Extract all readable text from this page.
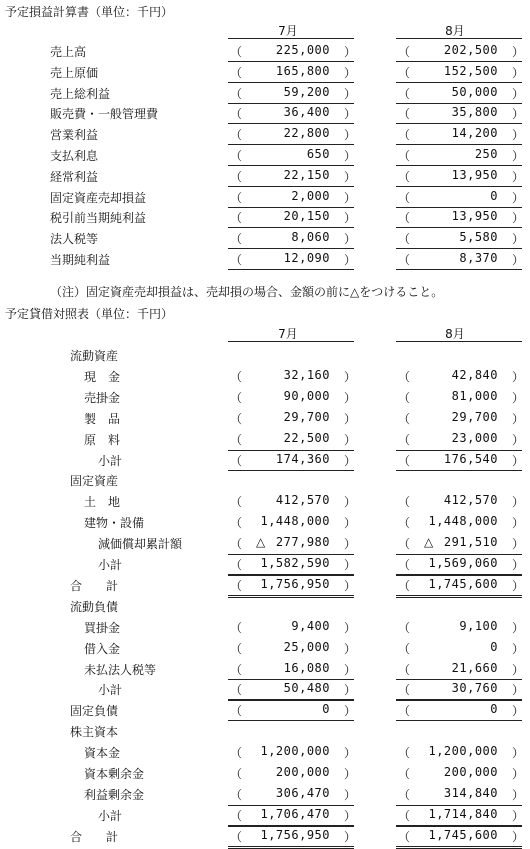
予定損益計算書（単位：千円）
7月	8月
売上高	（	225,000 ）	（	202,500 ）
売上原価	（	165,800 ）	（	152,500 ）
売上総利益	（	59,200 ）	（	50,000 ）
販売費・一般管理費	（	36,400 ）	（	35,800 ）
営業利益	（	22,800 ）	（	14,200 ）
支払利息	（	650 ）	（	250 ）
経常利益	（	22,150 ）	（	13,950 ）
固定資産売却損益	（	2,000 ）	（	0 ）
税引前当期純利益	（	20,150 ）	（	13,950 ）
法人税等	（	8,060 ）	（	5,580 ）
当期純利益	（	12,090 ）	（	8,370 ）
（注）固定資産売却損益は、売却損の場合、金額の前に△をつけること。
予定貸借対照表（単位：千円）
7月	8月
流動資産
現　金	（	32,160 ）	（	42,840 ）
売掛金	（	90,000 ）	（	81,000 ）
製　品	（	29,700 ）	（	29,700 ）
原　料	（	22,500 ）	（	23,000 ）
小計	（	174,360 ）	（	176,540 ）
固定資産
土　地	（	412,570 ）	（	412,570 ）
建物・設備	（ 1,448,000 ）	（ 1,448,000 ）
減価償却累計額	（ △ 277,980 ）	（ △ 291,510 ）
小計	（ 1,582,590 ）	（ 1,569,060 ）
合　　計	（ 1,756,950 ）	（ 1,745,600 ）
流動負債
買掛金	（	9,400 ）	（	9,100 ）
借入金	（	25,000 ）	（	0 ）
未払法人税等	（	16,080 ）	（	21,660 ）
小計	（	50,480 ）	（	30,760 ）
固定負債	（	0 ）	（	0 ）
株主資本
資本金	（ 1,200,000 ）	（ 1,200,000 ）
資本剰余金	（	200,000 ）	（	200,000 ）
利益剰余金	（	306,470 ）	（	314,840 ）
小計	（ 1,706,470 ）	（ 1,714,840 ）
合　　計	（ 1,756,950 ）	（ 1,745,600 ）
